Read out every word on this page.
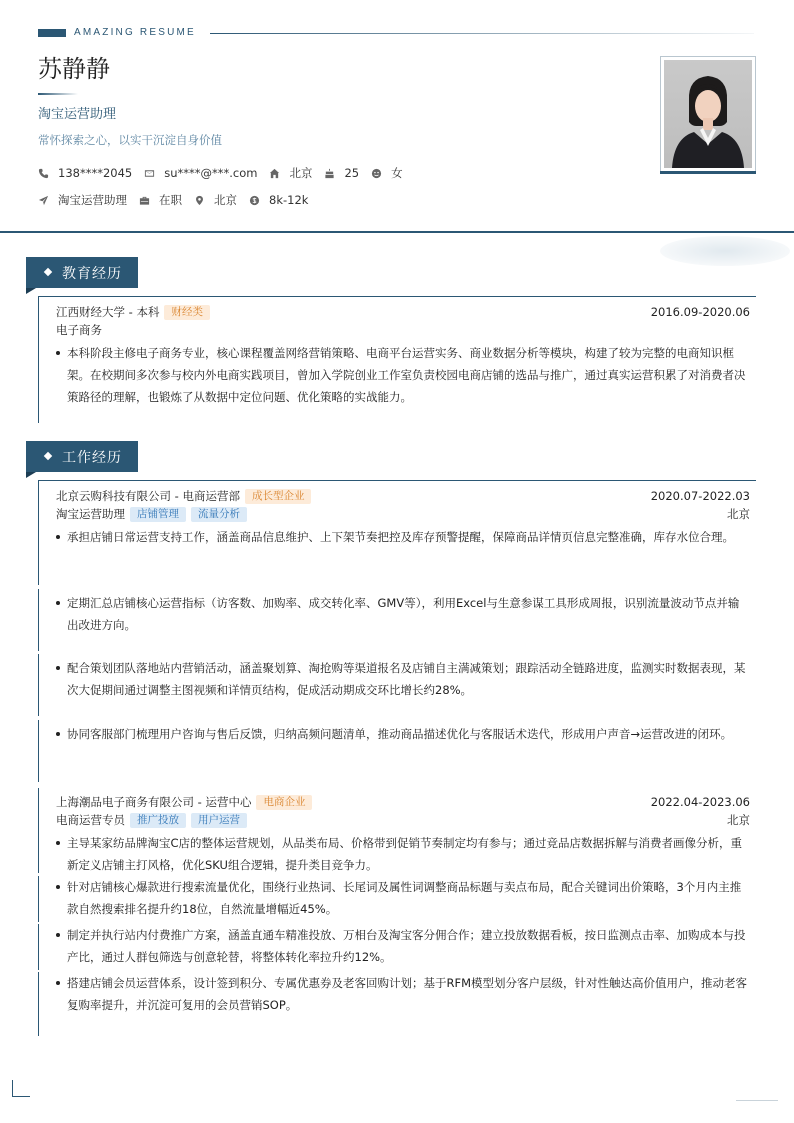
AMAZING RESUME
苏静静
淘宝运营助理
常怀探索之心，以实干沉淀自身价值
138****2045	su****@***.com	北京	25	女
淘宝运营助理	在职	北京	8k-12k
教育经历
江西财经大学 - 本科	财经类	2016.09-2020.06
电子商务
本科阶段主修电子商务专业，核心课程覆盖网络营销策略、电商平台运营实务、商业数据分析等模块，构建了较为完整的电商知识框架。在校期间多次参与校内外电商实践项目，曾加入学院创业工作室负责校园电商店铺的选品与推广，通过真实运营积累了对消费者决策路径的理解，也锻炼了从数据中定位问题、优化策略的实战能力。
工作经历
北京云购科技有限公司 - 电商运营部	成长型企业	2020.07-2022.03
淘宝运营助理	店铺管理	流量分析	北京
承担店铺日常运营支持工作，涵盖商品信息维护、上下架节奏把控及库存预警提醒，保障商品详情页信息完整准确，库存水位合理。
定期汇总店铺核心运营指标（访客数、加购率、成交转化率、GMV等），利用Excel与生意参谋工具形成周报，识别流量波动节点并输出改进方向。
配合策划团队落地站内营销活动，涵盖聚划算、淘抢购等渠道报名及店铺自主满减策划；跟踪活动全链路进度，监测实时数据表现，某次大促期间通过调整主图视频和详情页结构，促成活动期成交环比增长约28%。
协同客服部门梳理用户咨询与售后反馈，归纳高频问题清单，推动商品描述优化与客服话术迭代，形成用户声音→运营改进的闭环。
上海潮品电子商务有限公司 - 运营中心	电商企业	2022.04-2023.06
电商运营专员	推广投放	用户运营	北京
主导某家纺品牌淘宝C店的整体运营规划，从品类布局、价格带到促销节奏制定均有参与；通过竞品店数据拆解与消费者画像分析，重新定义店铺主打风格，优化SKU组合逻辑，提升类目竞争力。
针对店铺核心爆款进行搜索流量优化，围绕行业热词、长尾词及属性词调整商品标题与卖点布局，配合关键词出价策略，3个月内主推款自然搜索排名提升约18位，自然流量增幅近45%。
制定并执行站内付费推广方案，涵盖直通车精准投放、万相台及淘宝客分佣合作；建立投放数据看板，按日监测点击率、加购成本与投产比，通过人群包筛选与创意轮替，将整体转化率拉升约12%。
搭建店铺会员运营体系，设计签到积分、专属优惠券及老客回购计划；基于RFM模型划分客户层级，针对性触达高价值用户，推动老客复购率提升，并沉淀可复用的会员营销SOP。
